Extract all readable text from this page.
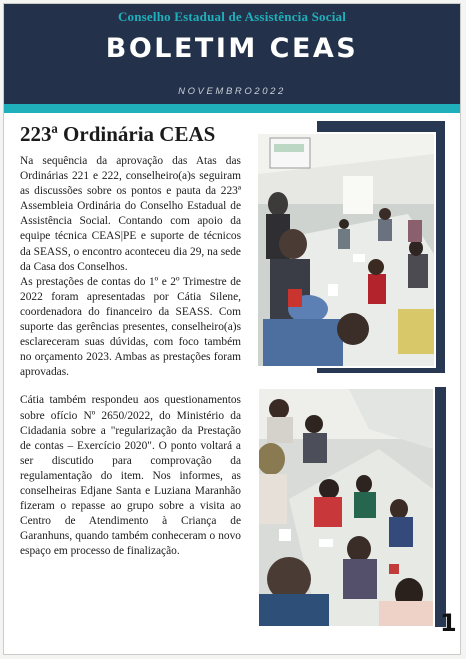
Conselho Estadual de Assistência Social
BOLETIM CEAS
NOVEMBRO2022
223ª Ordinária CEAS

Na sequência da aprovação das Atas das Ordinárias 221 e 222, conselheiro(a)s seguiram as discussões sobre os pontos e pauta da 223ª Assembleia Ordinária do Conselho Estadual de Assistência Social. Contando com apoio da equipe técnica CEAS|PE e suporte de técnicos da SEASS, o encontro aconteceu dia 29, na sede da Casa dos Conselhos.

As prestações de contas do 1º e 2º Trimestre de 2022 foram apresentadas por Cátia Silene, coordenadora do financeiro da SEASS. Com suporte das gerências presentes, conselheiro(a)s esclareceram suas dúvidas, com foco também no orçamento 2023. Ambas as prestações foram aprovadas.

Cátia também respondeu aos questionamentos sobre ofício Nº 2650/2022, do Ministério da Cidadania sobre a "regularização da Prestação de contas – Exercício 2020". O ponto voltará a ser discutido para comprovação da regulamentação do item. Nos informes, as conselheiras Edjane Santa e Luziana Maranhão fizeram o repasse ao grupo sobre a visita ao Centro de Atendimento à Criança de Garanhuns, quando também conheceram o novo espaço em processo de finalização.

1
